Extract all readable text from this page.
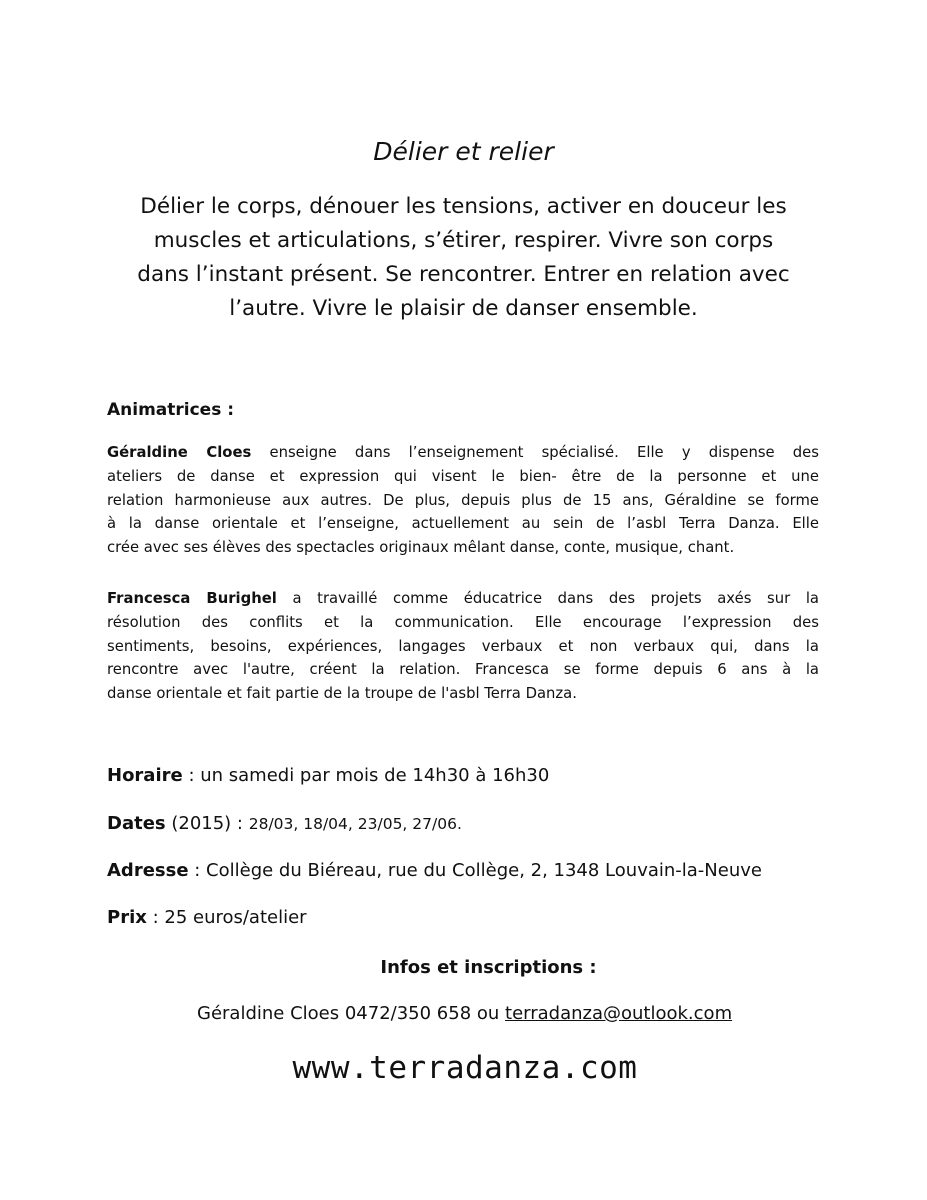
Délier et relier
Délier le corps, dénouer les tensions, activer en douceur les
muscles et articulations, s’étirer, respirer. Vivre son corps
dans l’instant présent. Se rencontrer. Entrer en relation avec
l’autre. Vivre le plaisir de danser ensemble.
Animatrices :
Géraldine Cloes enseigne dans l’enseignement spécialisé. Elle y dispense des
ateliers de danse et expression qui visent le bien- être de la personne et une
relation harmonieuse aux autres. De plus, depuis plus de 15 ans, Géraldine se forme
à la danse orientale et l’enseigne, actuellement au sein de l’asbl Terra Danza. Elle
crée avec ses élèves des spectacles originaux mêlant danse, conte, musique, chant.
Francesca Burighel a travaillé comme éducatrice dans des projets axés sur la
résolution des conflits et la communication. Elle encourage l’expression des
sentiments, besoins, expériences, langages verbaux et non verbaux qui, dans la
rencontre avec l'autre, créent la relation. Francesca se forme depuis 6 ans à la
danse orientale et fait partie de la troupe de l'asbl Terra Danza.
Horaire : un samedi par mois de 14h30 à 16h30
Dates (2015) : 28/03, 18/04, 23/05, 27/06.
Adresse : Collège du Biéreau, rue du Collège, 2, 1348 Louvain-la-Neuve
Prix : 25 euros/atelier
Infos et inscriptions :
Géraldine Cloes 0472/350 658 ou terradanza@outlook.com
www.terradanza.com
